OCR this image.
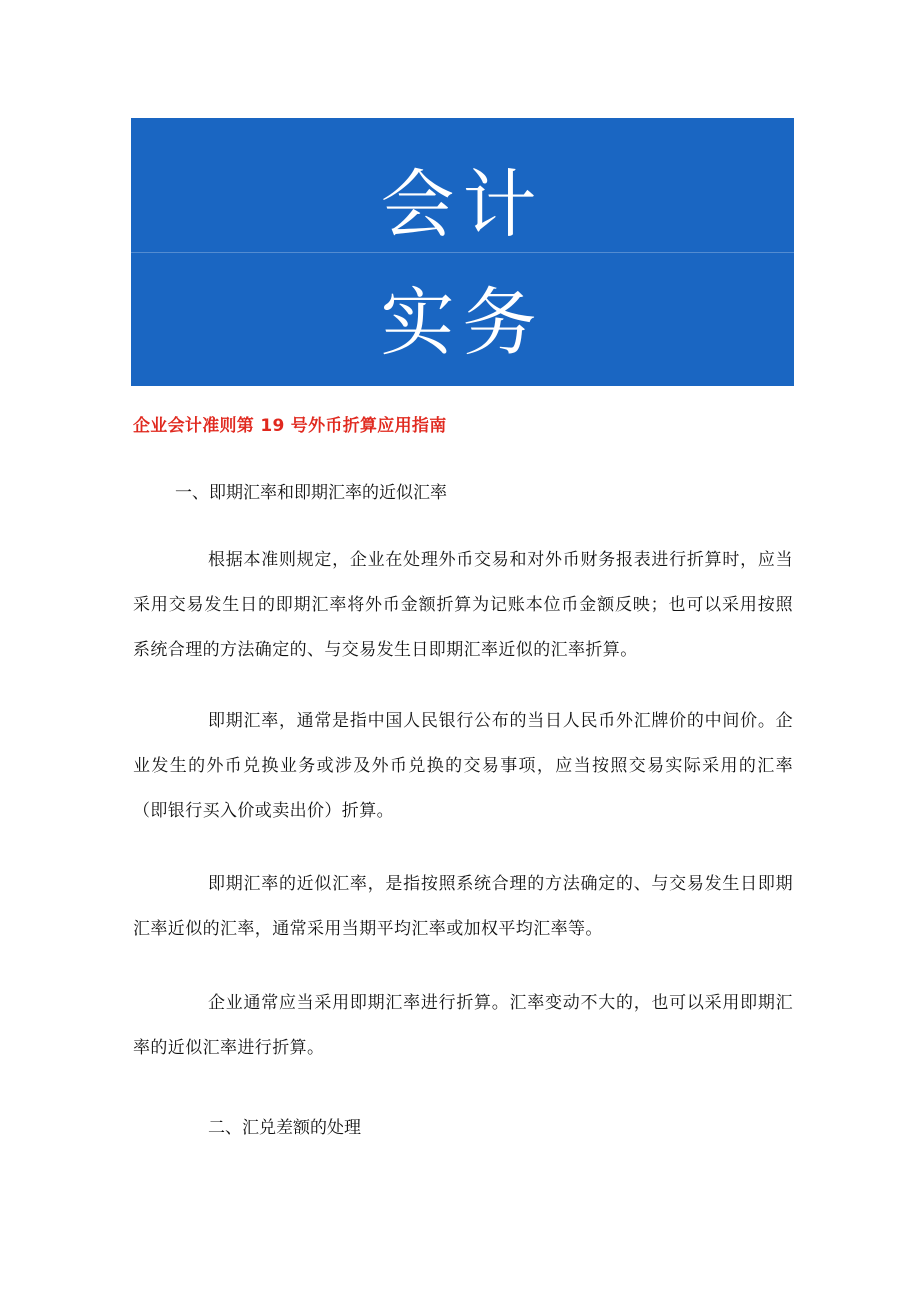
会计
实务
企业会计准则第 19 号外币折算应用指南
一、即期汇率和即期汇率的近似汇率

根据本准则规定，企业在处理外币交易和对外币财务报表进行折算时，应当采用交易发生日的即期汇率将外币金额折算为记账本位币金额反映；也可以采用按照系统合理的方法确定的、与交易发生日即期汇率近似的汇率折算。

即期汇率，通常是指中国人民银行公布的当日人民币外汇牌价的中间价。企业发生的外币兑换业务或涉及外币兑换的交易事项，应当按照交易实际采用的汇率（即银行买入价或卖出价）折算。

即期汇率的近似汇率，是指按照系统合理的方法确定的、与交易发生日即期汇率近似的汇率，通常采用当期平均汇率或加权平均汇率等。

企业通常应当采用即期汇率进行折算。汇率变动不大的，也可以采用即期汇率的近似汇率进行折算。

二、汇兑差额的处理
